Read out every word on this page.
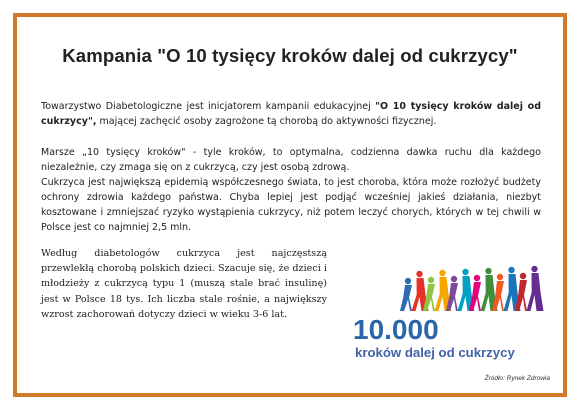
Kampania "O 10 tysięcy kroków dalej od cukrzycy"
Towarzystwo Diabetologiczne jest inicjatorem kampanii edukacyjnej "O 10 tysięcy kroków dalej od cukrzycy", mającej zachęcić osoby zagrożone tą chorobą do aktywności fizycznej.
Marsze „10 tysięcy kroków" - tyle kroków, to optymalna, codzienna dawka ruchu dla każdego niezależnie, czy zmaga się on z cukrzycą, czy jest osobą zdrową.
Cukrzyca jest największą epidemią współczesnego świata, to jest choroba, która może rozłożyć budżety ochrony zdrowia każdego państwa. Chyba lepiej jest podjąć wcześniej jakieś działania, niezbyt kosztowane i zmniejszać ryzyko wystąpienia cukrzycy, niż potem leczyć chorych, których w tej chwili w Polsce jest co najmniej 2,5 mln.
Według diabetologów cukrzyca jest najczęstszą przewlekłą chorobą polskich dzieci. Szacuje się, że dzieci i młodzieży z cukrzycą typu 1 (muszą stale brać insulinę) jest w Polsce 18 tys. Ich liczba stale rośnie, a największy wzrost zachorowań dotyczy dzieci w wieku 3-6 lat.	10.000
kroków dalej od cukrzycy
Źródło: Rynek Zdrowia
